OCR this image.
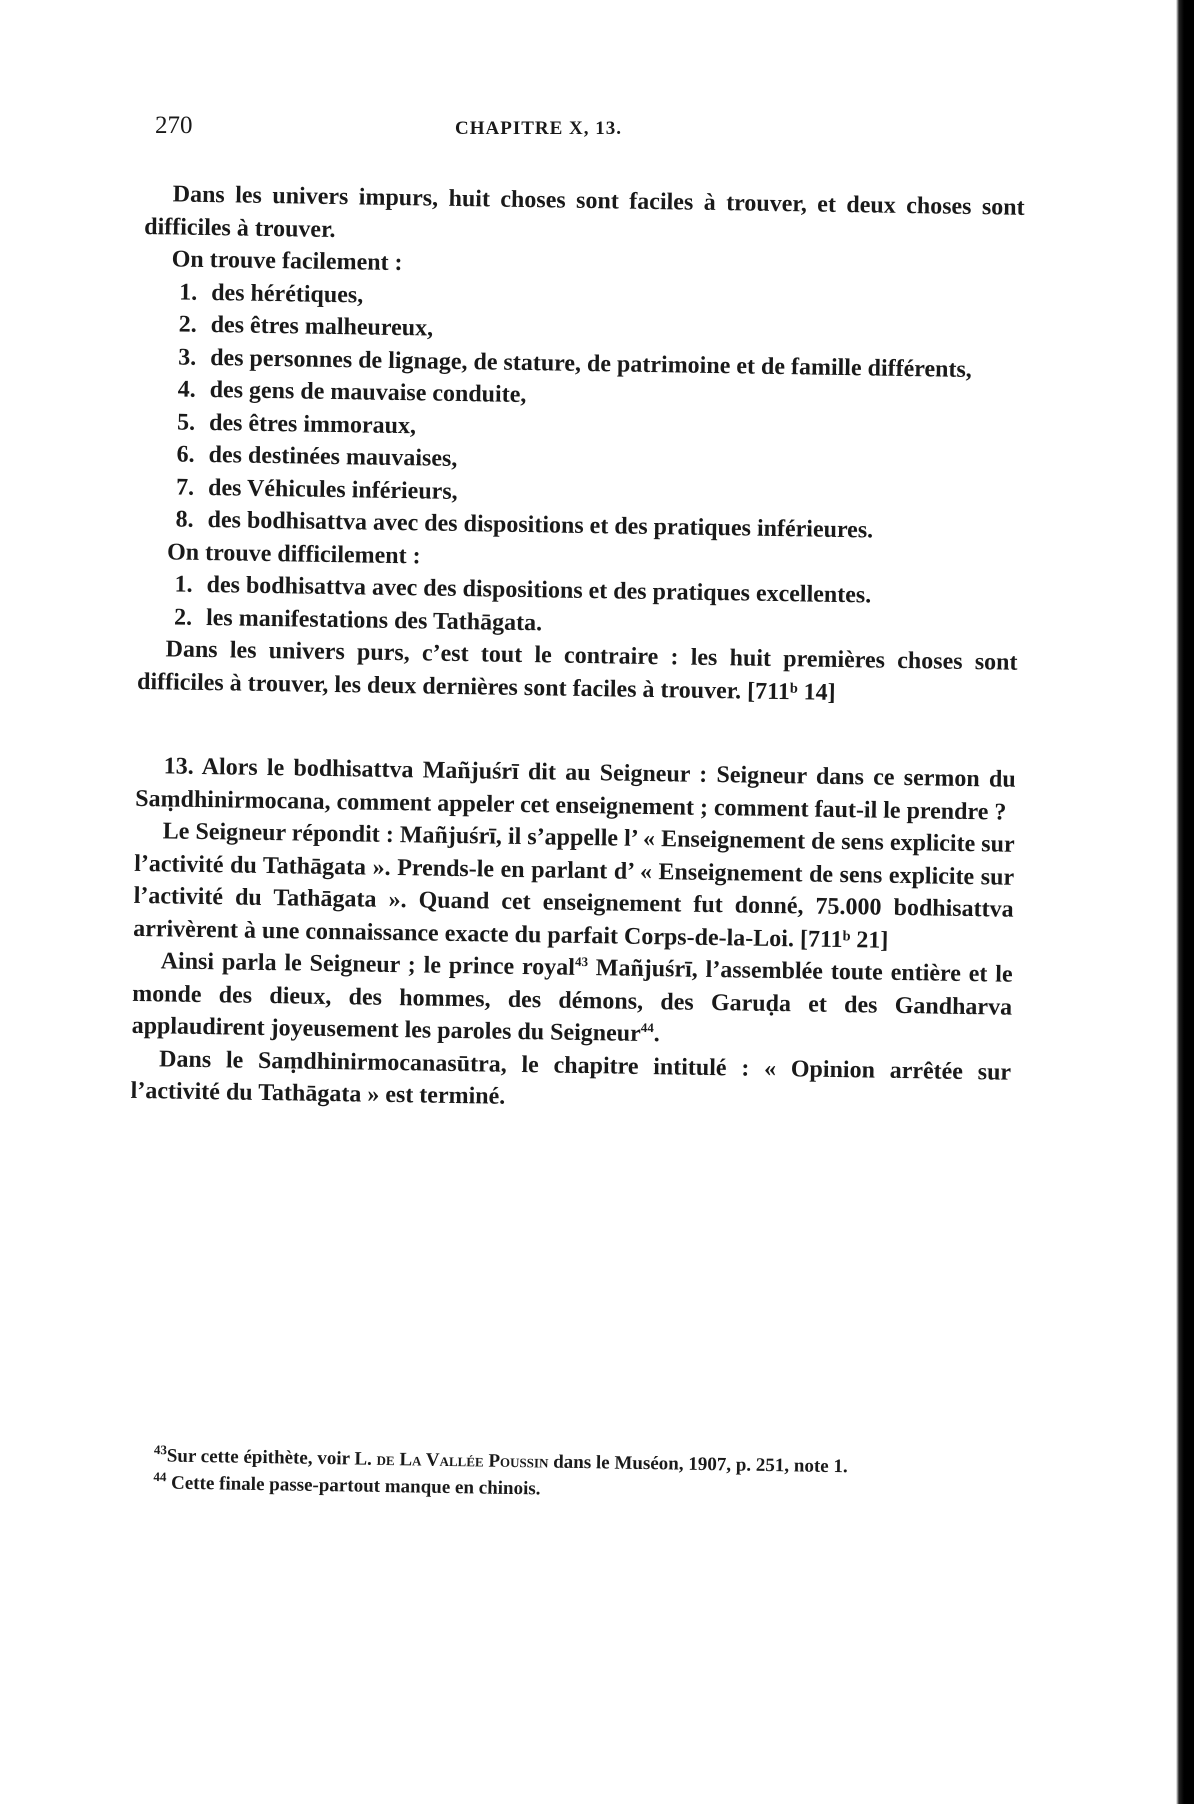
270	CHAPITRE X, 13.

Dans les univers impurs, huit choses sont faciles à trouver, et deux choses sont difficiles à trouver.

On trouve facilement :

1. des hérétiques,
2. des êtres malheureux,
3. des personnes de lignage, de stature, de patrimoine et de famille différents,
4. des gens de mauvaise conduite,
5. des êtres immoraux,
6. des destinées mauvaises,
7. des Véhicules inférieurs,
8. des bodhisattva avec des dispositions et des pratiques inférieures.

On trouve difficilement :

1. des bodhisattva avec des dispositions et des pratiques excellentes.
2. les manifestations des Tathāgata.

Dans les univers purs, c’est tout le contraire : les huit premières choses sont difficiles à trouver, les deux dernières sont faciles à trouver. [711ᵇ 14]

13. Alors le bodhisattva Mañjuśrī dit au Seigneur : Seigneur dans ce sermon du Saṃdhinirmocana, comment appeler cet enseignement ; comment faut-il le prendre ?

Le Seigneur répondit : Mañjuśrī, il s’appelle l’ « Enseignement de sens explicite sur l’activité du Tathāgata ». Prends-le en parlant d’ « Enseignement de sens explicite sur l’activité du Tathāgata ». Quand cet enseignement fut donné, 75.000 bodhisattva arrivèrent à une connaissance exacte du parfait Corps-de-la-Loi. [711ᵇ 21]

Ainsi parla le Seigneur ; le prince royal$^{43}$ Mañjuśrī, l’assemblée toute entière et le monde des dieux, des hommes, des démons, des Garuḍa et des Gandharva applaudirent joyeusement les paroles du Seigneur$^{44}$.

Dans le Saṃdhinirmocanasūtra, le chapitre intitulé : « Opinion arrêtée sur l’activité du Tathāgata » est terminé.

$^{43}$Sur cette épithète, voir L. de La Vallée Poussin dans le Muséon, 1907, p. 251, note 1.

$^{44}$ Cette finale passe-partout manque en chinois.
